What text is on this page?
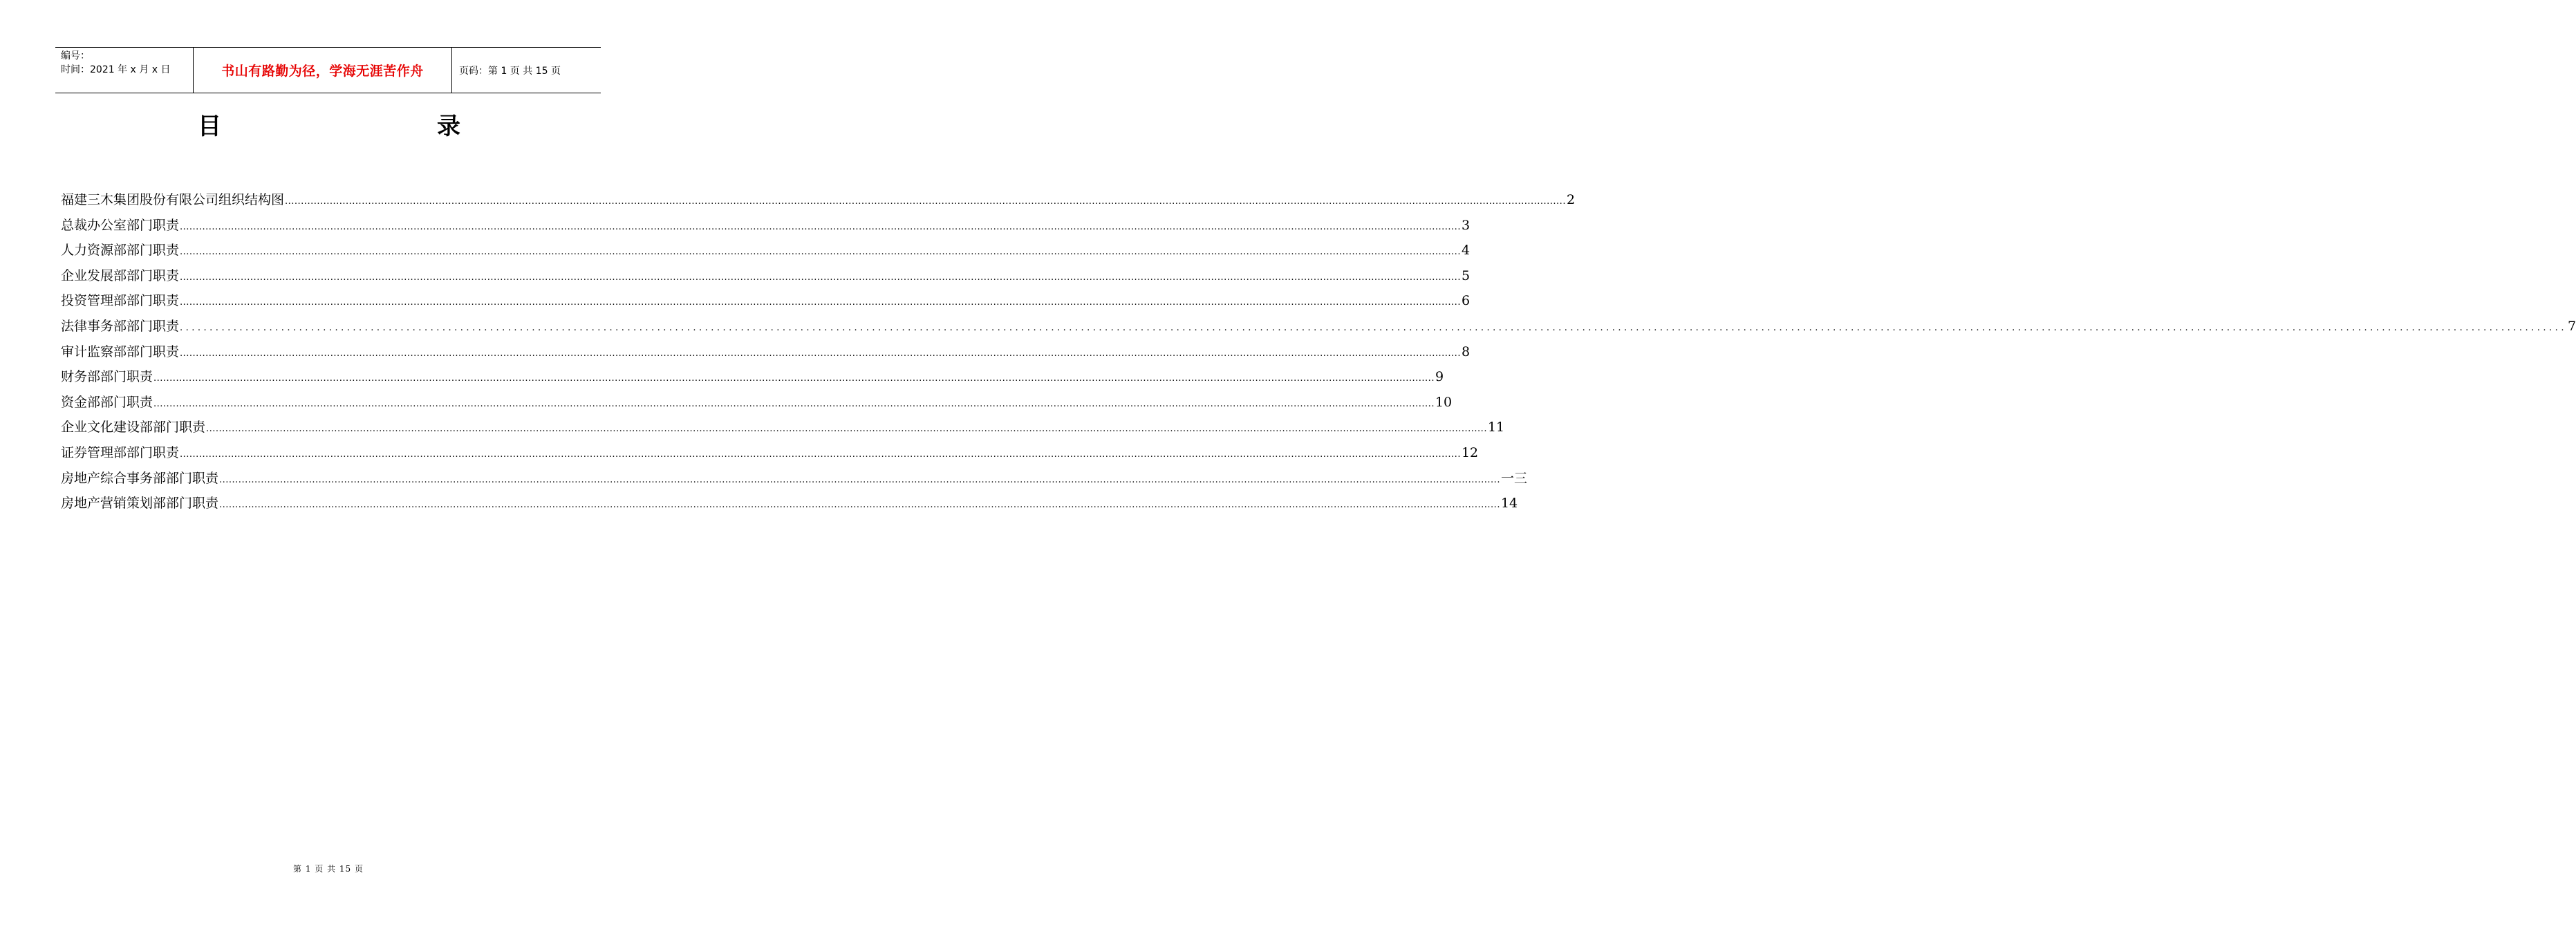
编号：
时间：2021 年 x 月 x 日	书山有路勤为径，学海无涯苦作舟	页码：第 1 页 共 15 页
目	录
福建三木集团股份有限公司组织结构图 ................................................................................................................................................................................................................................................................................................................................................................................................................ 2
总裁办公室部门职责 ................................................................................................................................................................................................................................................................................................................................................................................................................ 3
人力资源部部门职责 ................................................................................................................................................................................................................................................................................................................................................................................................................ 4
企业发展部部门职责 ................................................................................................................................................................................................................................................................................................................................................................................................................ 5
投资管理部部门职责 ................................................................................................................................................................................................................................................................................................................................................................................................................ 6
法律事务部部门职责 ................................................................................................................................................................................................................................................................................................................................................................................................................ 7
审计监察部部门职责 ................................................................................................................................................................................................................................................................................................................................................................................................................ 8
财务部部门职责 ................................................................................................................................................................................................................................................................................................................................................................................................................ 9
资金部部门职责 ................................................................................................................................................................................................................................................................................................................................................................................................................ 10
企业文化建设部部门职责 ................................................................................................................................................................................................................................................................................................................................................................................................................ 11
证券管理部部门职责 ................................................................................................................................................................................................................................................................................................................................................................................................................ 12
房地产综合事务部部门职责 ................................................................................................................................................................................................................................................................................................................................................................................................................ 一三
房地产营销策划部部门职责 ................................................................................................................................................................................................................................................................................................................................................................................................................ 14
第 1 页 共 15 页
